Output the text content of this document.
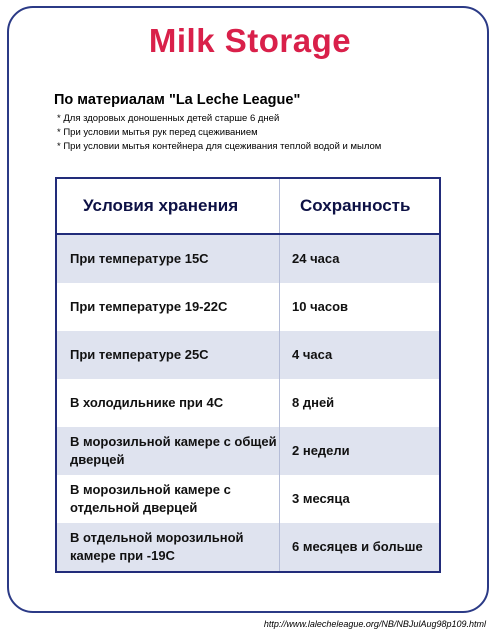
Milk Storage
По материалам "La Leche League"
* Для здоровых доношенных детей старше 6 дней
* При условии мытья рук перед сцеживанием
* При условии мытья контейнера для сцеживания теплой водой и мылом
Условия хранения	Сохранность
При температуре 15С	24 часа
При температуре 19-22С	10 часов
При температуре 25С	4 часа
В холодильнике при 4С	8 дней
В морозильной камере с общей дверцей	2 недели
В морозильной камере с отдельной дверцей	3 месяца
В отдельной морозильной камере при -19С	6 месяцев и больше
http://www.lalecheleague.org/NB/NBJulAug98p109.html
